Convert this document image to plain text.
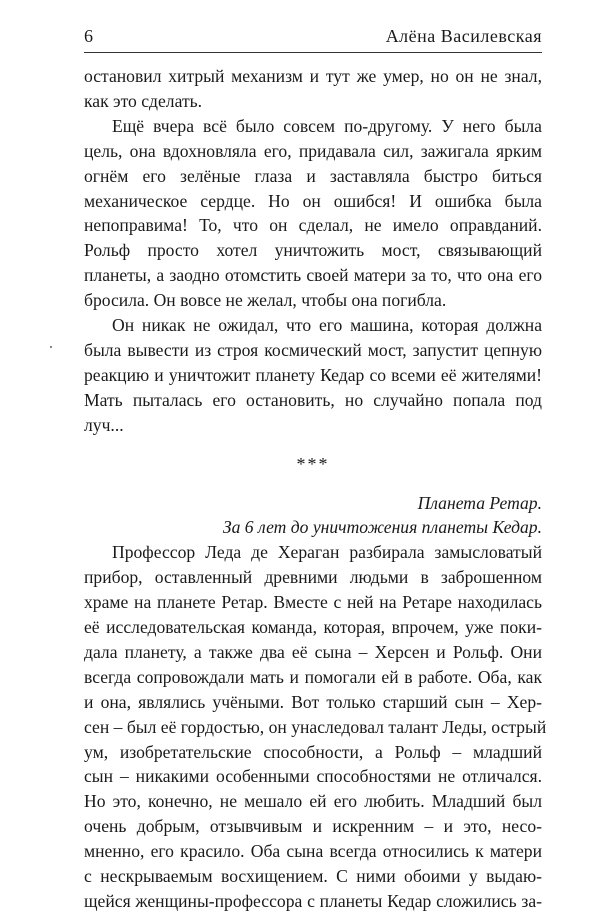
6	Алёна Василевская

остановил хитрый механизм и тут же умер, но он не знал, как это сделать.

Ещё вчера всё было совсем по-другому. У него была цель, она вдохновляла его, придавала сил, зажигала ярким огнём его зелёные глаза и заставляла быстро биться механическое сердце. Но он ошибся! И ошибка была непоправима! То, что он сделал, не имело оправданий. Рольф просто хотел уничтожить мост, связывающий планеты, а заодно отомстить своей матери за то, что она его бросила. Он вовсе не желал, чтобы она погибла.

Он никак не ожидал, что его машина, которая должна была вывести из строя космический мост, запустит цепную реакцию и уничтожит планету Кедар со всеми её жителями! Мать пыталась его остановить, но случайно попала под луч...

***
Планета Ретар.
За 6 лет до уничтожения планеты Кедар.

Профессор Леда де Хераган разбирала замысловатый
прибор, оставленный древними людьми в заброшенном
храме на планете Ретар. Вместе с ней на Ретаре находилась
её исследовательская команда, которая, впрочем, уже поки-
дала планету, а также два её сына – Херсен и Рольф. Они
всегда сопровождали мать и помогали ей в работе. Оба, как
и она, являлись учёными. Вот только старший сын – Хер-
сен – был её гордостью, он унаследовал талант Леды, острый
ум, изобретательские способности, а Рольф – младший
сын – никакими особенными способностями не отличался.
Но это, конечно, не мешало ей его любить. Младший был
очень добрым, отзывчивым и искренним – и это, несо-
мненно, его красило. Оба сына всегда относились к матери
с нескрываемым восхищением. С ними обоими у выдаю-
щейся женщины-профессора с планеты Кедар сложились за-
